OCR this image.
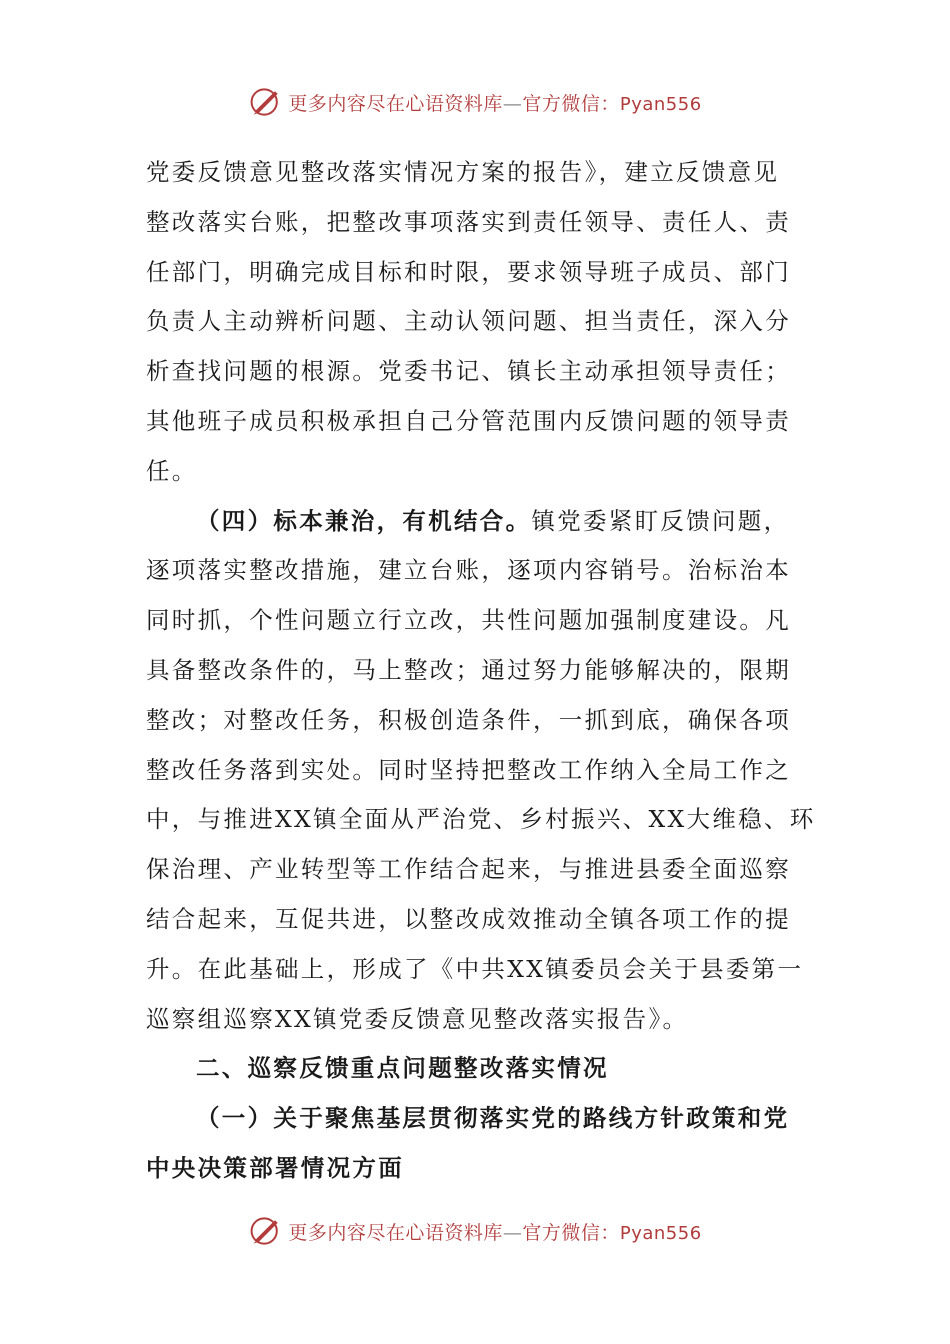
更多内容尽在心语资料库—官方微信：Pyan556
党委反馈意见整改落实情况方案的报告》，建立反馈意见
整改落实台账，把整改事项落实到责任领导、责任人、责
任部门，明确完成目标和时限，要求领导班子成员、部门
负责人主动辨析问题、主动认领问题、担当责任，深入分
析查找问题的根源。党委书记、镇长主动承担领导责任；
其他班子成员积极承担自己分管范围内反馈问题的领导责
任。
（四）标本兼治，有机结合。镇党委紧盯反馈问题，
逐项落实整改措施，建立台账，逐项内容销号。治标治本
同时抓，个性问题立行立改，共性问题加强制度建设。凡
具备整改条件的，马上整改；通过努力能够解决的，限期
整改；对整改任务，积极创造条件，一抓到底，确保各项
整改任务落到实处。同时坚持把整改工作纳入全局工作之
中，与推进XX镇全面从严治党、乡村振兴、XX大维稳、环
保治理、产业转型等工作结合起来，与推进县委全面巡察
结合起来，互促共进，以整改成效推动全镇各项工作的提
升。在此基础上，形成了《中共XX镇委员会关于县委第一
巡察组巡察XX镇党委反馈意见整改落实报告》。
二、巡察反馈重点问题整改落实情况
（一）关于聚焦基层贯彻落实党的路线方针政策和党
中央决策部署情况方面
更多内容尽在心语资料库—官方微信：Pyan556
